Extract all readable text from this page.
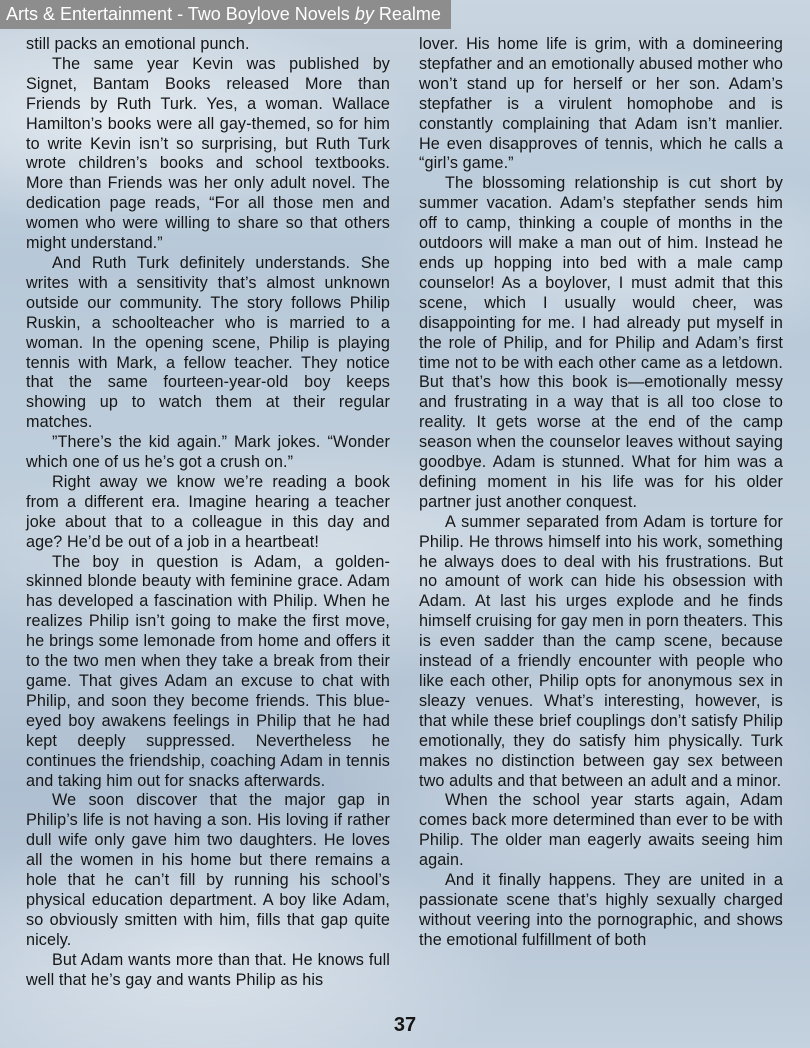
Arts & Entertainment - Two Boylove Novels by Realme

still packs an emotional punch.

The same year Kevin was published by Signet, Bantam Books released More than Friends by Ruth Turk. Yes, a woman. Wallace Hamilton’s books were all gay-themed, so for him to write Kevin isn’t so surprising, but Ruth Turk wrote children’s books and school textbooks. More than Friends was her only adult novel. The dedication page reads, “For all those men and women who were willing to share so that others might understand.”

And Ruth Turk definitely understands. She writes with a sensitivity that’s almost unknown outside our community. The story follows Philip Ruskin, a schoolteacher who is married to a woman. In the opening scene, Philip is playing tennis with Mark, a fellow teacher. They notice that the same fourteen-year-old boy keeps showing up to watch them at their regular matches.

”There’s the kid again.” Mark jokes. “Wonder which one of us he’s got a crush on.”

Right away we know we’re reading a book from a different era. Imagine hearing a teacher joke about that to a colleague in this day and age? He’d be out of a job in a heartbeat!

The boy in question is Adam, a golden-skinned blonde beauty with feminine grace. Adam has developed a fascination with Philip. When he realizes Philip isn’t going to make the first move, he brings some lemonade from home and offers it to the two men when they take a break from their game. That gives Adam an excuse to chat with Philip, and soon they become friends. This blue-eyed boy awakens feelings in Philip that he had kept deeply suppressed. Nevertheless he continues the friendship, coaching Adam in tennis and taking him out for snacks afterwards.

We soon discover that the major gap in Philip’s life is not having a son. His loving if rather dull wife only gave him two daughters. He loves all the women in his home but there remains a hole that he can’t fill by running his school’s physical education department. A boy like Adam, so obviously smitten with him, fills that gap quite nicely.

But Adam wants more than that. He knows full well that he’s gay and wants Philip as his

lover. His home life is grim, with a domineering stepfather and an emotionally abused mother who won’t stand up for herself or her son. Adam’s stepfather is a virulent homophobe and is constantly complaining that Adam isn’t manlier. He even disapproves of tennis, which he calls a “girl’s game.”

The blossoming relationship is cut short by summer vacation. Adam’s stepfather sends him off to camp, thinking a couple of months in the outdoors will make a man out of him. Instead he ends up hopping into bed with a male camp counselor! As a boylover, I must admit that this scene, which I usually would cheer, was disappointing for me. I had already put myself in the role of Philip, and for Philip and Adam’s first time not to be with each other came as a letdown. But that’s how this book is—emotionally messy and frustrating in a way that is all too close to reality. It gets worse at the end of the camp season when the counselor leaves without saying goodbye. Adam is stunned. What for him was a defining moment in his life was for his older partner just another conquest.

A summer separated from Adam is torture for Philip. He throws himself into his work, something he always does to deal with his frustrations. But no amount of work can hide his obsession with Adam. At last his urges explode and he finds himself cruising for gay men in porn theaters. This is even sadder than the camp scene, because instead of a friendly encounter with people who like each other, Philip opts for anonymous sex in sleazy venues. What’s interesting, however, is that while these brief couplings don’t satisfy Philip emotionally, they do satisfy him physically. Turk makes no distinction between gay sex between two adults and that between an adult and a minor.

When the school year starts again, Adam comes back more determined than ever to be with Philip. The older man eagerly awaits seeing him again.

And it finally happens. They are united in a passionate scene that’s highly sexually charged without veering into the pornographic, and shows the emotional fulfillment of both

37
